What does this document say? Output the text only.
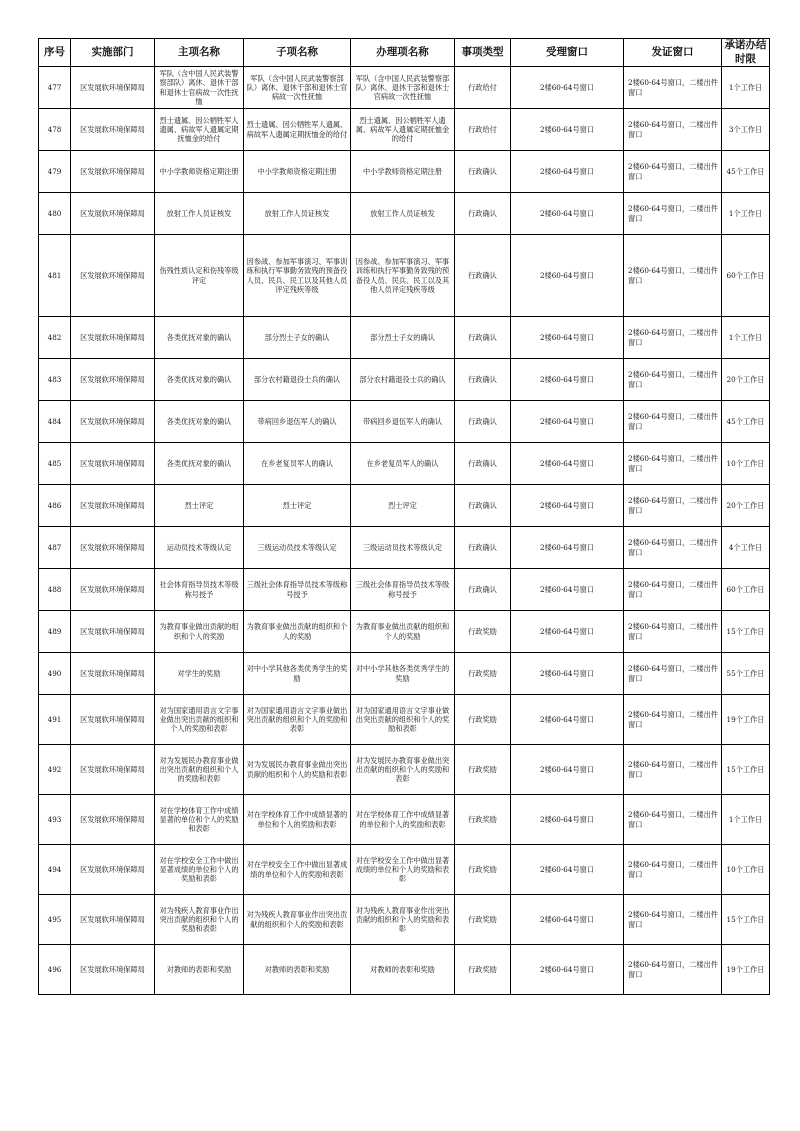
序号	实施部门	主项名称	子项名称	办理项名称	事项类型	受理窗口	发证窗口	承诺办结时限
477	区发展软环境保障局	军队（含中国人民武装警察部队）离休、退休干部和退休士官病故一次性抚恤	军队（含中国人民武装警察部队）离休、退休干部和退休士官病故一次性抚恤	军队（含中国人民武装警察部队）离休、退休干部和退休士官病故一次性抚恤	行政给付	2楼60-64号窗口	2楼60-64号窗口，二楼出件窗口	1个工作日
478	区发展软环境保障局	烈士遗属、因公牺牲军人遗属、病故军人遗属定期抚恤金的给付	烈士遗属、因公牺牲军人遗属、病故军人遗属定期抚恤金的给付	烈士遗属、因公牺牲军人遗属、病故军人遗属定期抚恤金的给付	行政给付	2楼60-64号窗口	2楼60-64号窗口，二楼出件窗口	3个工作日
479	区发展软环境保障局	中小学教师资格定期注册	中小学教师资格定期注册	中小学教师资格定期注册	行政确认	2楼60-64号窗口	2楼60-64号窗口，二楼出件窗口	45个工作日
480	区发展软环境保障局	放射工作人员证核发	放射工作人员证核发	放射工作人员证核发	行政确认	2楼60-64号窗口	2楼60-64号窗口，二楼出件窗口	1个工作日
481	区发展软环境保障局	伤残性质认定和伤残等级评定	因参战、参加军事演习、军事训练和执行军事勤务致残的预备役人员、民兵、民工以及其他人员评定残疾等级	因参战、参加军事演习、军事训练和执行军事勤务致残的预备役人员、民兵、民工以及其他人员评定残疾等级	行政确认	2楼60-64号窗口	2楼60-64号窗口，二楼出件窗口	60个工作日
482	区发展软环境保障局	各类优抚对象的确认	部分烈士子女的确认	部分烈士子女的确认	行政确认	2楼60-64号窗口	2楼60-64号窗口，二楼出件窗口	1个工作日
483	区发展软环境保障局	各类优抚对象的确认	部分农村籍退役士兵的确认	部分农村籍退役士兵的确认	行政确认	2楼60-64号窗口	2楼60-64号窗口，二楼出件窗口	20个工作日
484	区发展软环境保障局	各类优抚对象的确认	带病回乡退伍军人的确认	带病回乡退伍军人的确认	行政确认	2楼60-64号窗口	2楼60-64号窗口，二楼出件窗口	45个工作日
485	区发展软环境保障局	各类优抚对象的确认	在乡老复员军人的确认	在乡老复员军人的确认	行政确认	2楼60-64号窗口	2楼60-64号窗口，二楼出件窗口	10个工作日
486	区发展软环境保障局	烈士评定	烈士评定	烈士评定	行政确认	2楼60-64号窗口	2楼60-64号窗口，二楼出件窗口	20个工作日
487	区发展软环境保障局	运动员技术等级认定	三级运动员技术等级认定	三级运动员技术等级认定	行政确认	2楼60-64号窗口	2楼60-64号窗口，二楼出件窗口	4个工作日
488	区发展软环境保障局	社会体育指导员技术等级称号授予	三级社会体育指导员技术等级称号授予	三级社会体育指导员技术等级称号授予	行政确认	2楼60-64号窗口	2楼60-64号窗口，二楼出件窗口	60个工作日
489	区发展软环境保障局	为教育事业做出贡献的组织和个人的奖励	为教育事业做出贡献的组织和个人的奖励	为教育事业做出贡献的组织和个人的奖励	行政奖励	2楼60-64号窗口	2楼60-64号窗口，二楼出件窗口	15个工作日
490	区发展软环境保障局	对学生的奖励	对中小学其他各类优秀学生的奖励	对中小学其他各类优秀学生的奖励	行政奖励	2楼60-64号窗口	2楼60-64号窗口，二楼出件窗口	55个工作日
491	区发展软环境保障局	对为国家通用语言文字事业做出突出贡献的组织和个人的奖励和表彰	对为国家通用语言文字事业做出突出贡献的组织和个人的奖励和表彰	对为国家通用语言文字事业做出突出贡献的组织和个人的奖励和表彰	行政奖励	2楼60-64号窗口	2楼60-64号窗口，二楼出件窗口	19个工作日
492	区发展软环境保障局	对为发展民办教育事业做出突出贡献的组织和个人的奖励和表彰	对为发展民办教育事业做出突出贡献的组织和个人的奖励和表彰	对为发展民办教育事业做出突出贡献的组织和个人的奖励和表彰	行政奖励	2楼60-64号窗口	2楼60-64号窗口，二楼出件窗口	15个工作日
493	区发展软环境保障局	对在学校体育工作中成绩显著的单位和个人的奖励和表彰	对在学校体育工作中成绩显著的单位和个人的奖励和表彰	对在学校体育工作中成绩显著的单位和个人的奖励和表彰	行政奖励	2楼60-64号窗口	2楼60-64号窗口，二楼出件窗口	1个工作日
494	区发展软环境保障局	对在学校安全工作中做出显著成绩的单位和个人的奖励和表彰	对在学校安全工作中做出显著成绩的单位和个人的奖励和表彰	对在学校安全工作中做出显著成绩的单位和个人的奖励和表彰	行政奖励	2楼60-64号窗口	2楼60-64号窗口，二楼出件窗口	10个工作日
495	区发展软环境保障局	对为残疾人教育事业作出突出贡献的组织和个人的奖励和表彰	对为残疾人教育事业作出突出贡献的组织和个人的奖励和表彰	对为残疾人教育事业作出突出贡献的组织和个人的奖励和表彰	行政奖励	2楼60-64号窗口	2楼60-64号窗口，二楼出件窗口	15个工作日
496	区发展软环境保障局	对教师的表彰和奖励	对教师的表彰和奖励	对教师的表彰和奖励	行政奖励	2楼60-64号窗口	2楼60-64号窗口，二楼出件窗口	19个工作日
